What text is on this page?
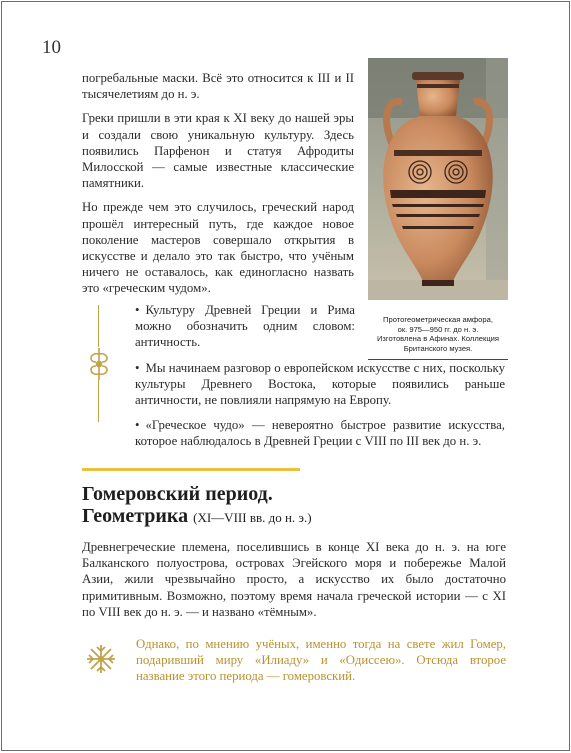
10

погребальные маски. Всё это относится к III и II тысячелетиям до н. э.

Греки пришли в эти края к XI веку до нашей эры и создали свою уникальную культуру. Здесь появились Парфенон и статуя Афродиты Милосской — самые известные классические памятники.

Но прежде чем это случилось, греческий народ прошёл интересный путь, где каждое новое поколение мастеров совершало открытия в искусстве и делало это так быстро, что учёным ничего не оставалось, как единогласно назвать это «греческим чудом».

Протогеометрическая амфора,
ок. 975—950 гг. до н. э.
Изготовлена в Афинах. Коллекция
Британского музея.
• Культуру Древней Греции и Рима можно обозначить одним словом: античность.
• Мы начинаем разговор о европейском искусстве с них, поскольку культуры Древнего Востока, которые появились раньше античности, не повлияли напрямую на Европу.
• «Греческое чудо» — невероятно быстрое развитие искусства, которое наблюдалось в Древней Греции с VIII по III век до н. э.
Гомеровский период.
Геометрика (XI—VIII вв. до н. э.)
Древнегреческие племена, поселившись в конце XI века до н. э. на юге Балканского полуострова, островах Эгейского моря и побережье Малой Азии, жили чрезвычайно просто, а искусство их было достаточно примитивным. Возможно, поэтому время начала греческой истории — с XI по VIII век до н. э. — и названо «тёмным».
Однако, по мнению учёных, именно тогда на свете жил Гомер, подаривший миру «Илиаду» и «Одиссею». Отсюда второе название этого периода — гомеровский.
